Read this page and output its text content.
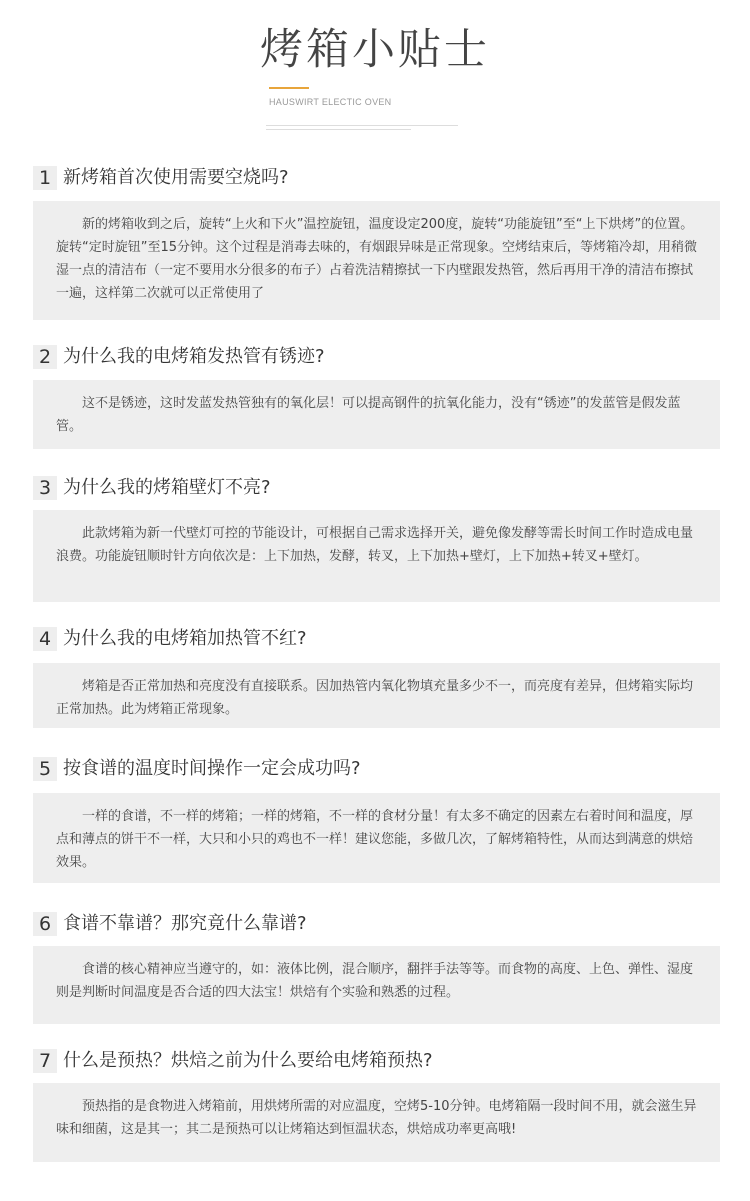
烤箱小贴士
HAUSWIRT ELECTIC OVEN
1 新烤箱首次使用需要空烧吗?

新的烤箱收到之后，旋转“上火和下火”温控旋钮，温度设定200度，旋转“功能旋钮”至“上下烘烤”的位置。旋转“定时旋钮”至15分钟。这个过程是消毒去味的，有烟跟异味是正常现象。空烤结束后，等烤箱冷却，用稍微湿一点的清洁布（一定不要用水分很多的布子）占着洗洁精擦拭一下内壁跟发热管，然后再用干净的清洁布擦拭一遍，这样第二次就可以正常使用了

2 为什么我的电烤箱发热管有锈迹?

这不是锈迹，这时发蓝发热管独有的氧化层！可以提高钢件的抗氧化能力，没有“锈迹”的发蓝管是假发蓝管。

3 为什么我的烤箱壁灯不亮?

此款烤箱为新一代壁灯可控的节能设计，可根据自己需求选择开关，避免像发酵等需长时间工作时造成电量浪费。功能旋钮顺时针方向依次是：上下加热，发酵，转叉，上下加热+壁灯，上下加热+转叉+壁灯。

4 为什么我的电烤箱加热管不红?

烤箱是否正常加热和亮度没有直接联系。因加热管内氧化物填充量多少不一，而亮度有差异，但烤箱实际均正常加热。此为烤箱正常现象。

5 按食谱的温度时间操作一定会成功吗?

一样的食谱，不一样的烤箱；一样的烤箱，不一样的食材分量！有太多不确定的因素左右着时间和温度，厚点和薄点的饼干不一样，大只和小只的鸡也不一样！建议您能，多做几次，了解烤箱特性，从而达到满意的烘焙效果。

6 食谱不靠谱？那究竟什么靠谱?

食谱的核心精神应当遵守的，如：液体比例，混合顺序，翻拌手法等等。而食物的高度、上色、弹性、湿度则是判断时间温度是否合适的四大法宝！烘焙有个实验和熟悉的过程。

7 什么是预热？烘焙之前为什么要给电烤箱预热?

预热指的是食物进入烤箱前，用烘烤所需的对应温度，空烤5-10分钟。电烤箱隔一段时间不用，就会滋生异味和细菌，这是其一；其二是预热可以让烤箱达到恒温状态，烘焙成功率更高哦!
